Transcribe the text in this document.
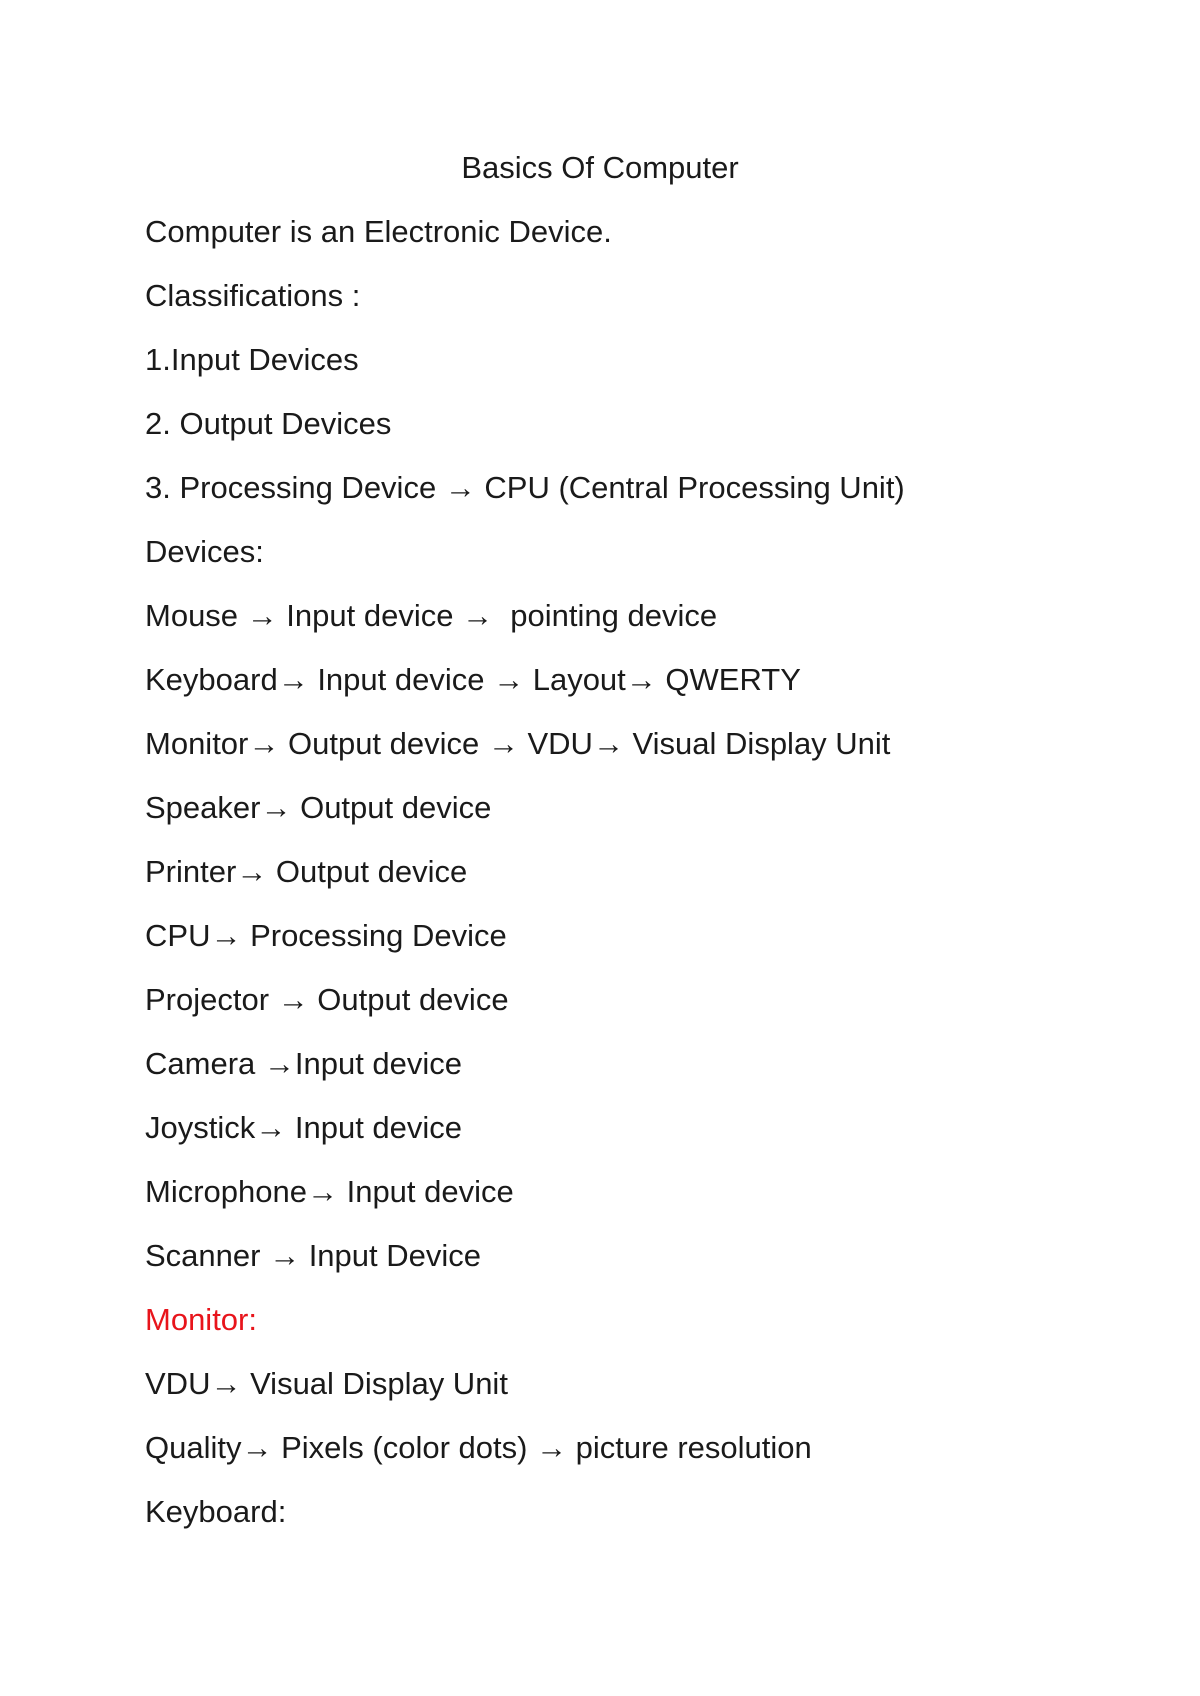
Basics Of Computer
Computer is an Electronic Device.
Classifications :
1.Input Devices
2. Output Devices
3. Processing Device → CPU (Central Processing Unit)
Devices:
Mouse → Input device →  pointing device
Keyboard→ Input device → Layout→ QWERTY
Monitor→ Output device → VDU→ Visual Display Unit
Speaker→ Output device
Printer→ Output device
CPU→ Processing Device
Projector → Output device
Camera →Input device
Joystick→ Input device
Microphone→ Input device
Scanner → Input Device
Monitor:
VDU→ Visual Display Unit
Quality→ Pixels (color dots) → picture resolution
Keyboard:
